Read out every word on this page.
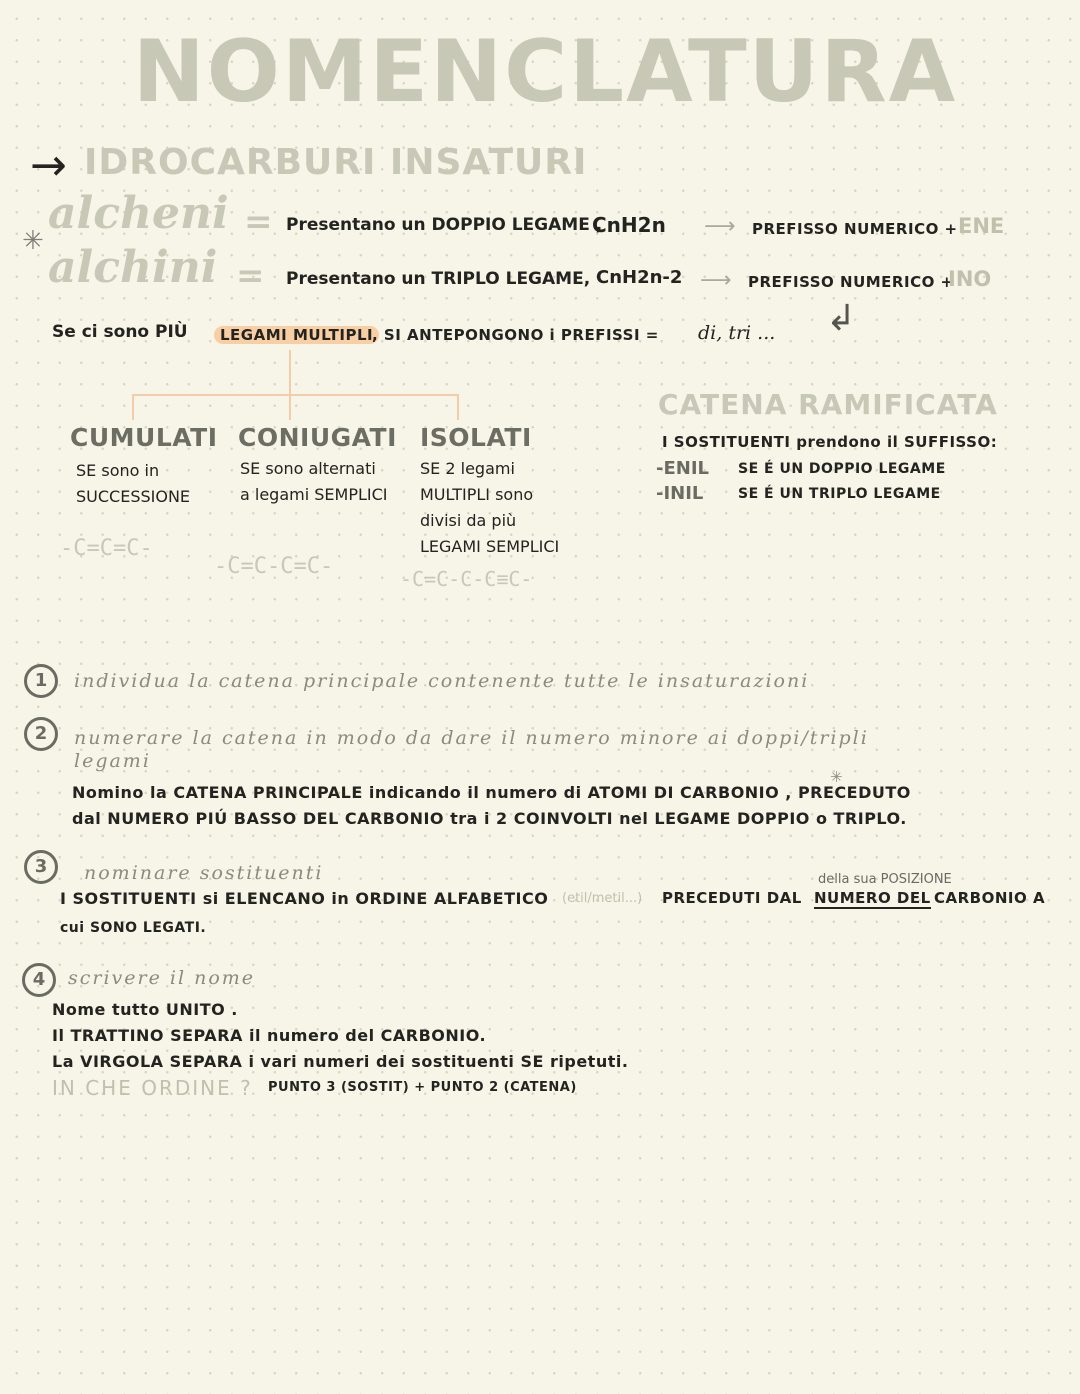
NOMENCLATURA
→ IDROCARBURI INSATURI
✳
alcheni = Presentano un DOPPIO LEGAME ,
CnH2n ⟶ PREFISSO NUMERICO + ENE
alchini = Presentano un TRIPLO LEGAME, CnH2n-2 ⟶ PREFISSO NUMERICO +
INO
Se ci sono PIÙ	LEGAMI MULTIPLI
, SI ANTEPONGONO i PREFISSI = di, tri ... ↲
CUMULATI
SE sono in SUCCESSIONE
-C=C=C-
CONIUGATI
SE sono alternati a legami SEMPLICI
-C=C-C=C-
ISOLATI
SE 2 legami MULTIPLI sono divisi da più LEGAMI SEMPLICI
-C=C-C-C≡C-
CATENA RAMIFICATA
I SOSTITUENTI prendono il SUFFISSO:
-ENIL SE É UN DOPPIO LEGAME
-INIL SE É UN TRIPLO LEGAME
1	individua la catena principale contenente tutte le insaturazioni
2	numerare la catena in modo da dare il numero minore ai doppi/tripli
legami
✳
Nomino la CATENA PRINCIPALE indicando il numero di ATOMI DI CARBONIO , PRECEDUTO
dal NUMERO PIÚ BASSO DEL CARBONIO tra i 2 COINVOLTI nel LEGAME DOPPIO o TRIPLO.
3	nominare sostituenti	della sua POSIZIONE
I SOSTITUENTI si ELENCANO in ORDINE ALFABETICO (etil/metil...) PRECEDUTI DAL NUMERO DEL CARBONIO A
cui SONO LEGATI.
4	scrivere il nome
Nome tutto UNITO .
Il TRATTINO SEPARA il numero del CARBONIO.
La VIRGOLA SEPARA i vari numeri dei sostituenti SE ripetuti.
IN CHE ORDINE ? PUNTO 3 (SOSTIT) + PUNTO 2 (CATENA)
